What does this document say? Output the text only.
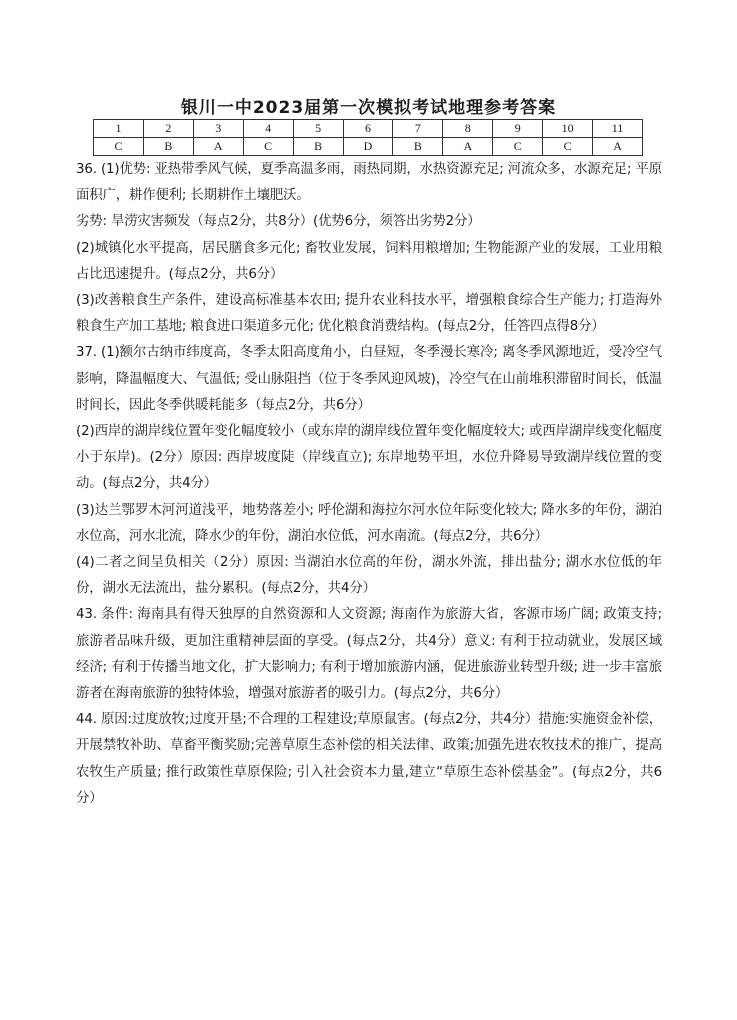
银川一中2023届第一次模拟考试地理参考答案
1	2	3	4	5	6	7	8	9	10	11
C	B	A	C	B	D	B	A	C	C	A

36. (1)优势: 亚热带季风气候，夏季高温多雨，雨热同期，水热资源充足; 河流众多，水源充足; 平原面积广，耕作便利; 长期耕作土壤肥沃。

劣势: 旱涝灾害频发（每点2分，共8分）(优势6分，须答出劣势2分）

(2)城镇化水平提高，居民膳食多元化; 畜牧业发展，饲料用粮增加; 生物能源产业的发展，工业用粮占比迅速提升。(每点2分，共6分）

(3)改善粮食生产条件，建设高标准基本农田; 提升农业科技水平，增强粮食综合生产能力; 打造海外粮食生产加工基地; 粮食进口渠道多元化; 优化粮食消费结构。(每点2分，任答四点得8分）

37. (1)额尔古纳市纬度高，冬季太阳高度角小，白昼短，冬季漫长寒冷; 离冬季风源地近，受冷空气影响，降温幅度大、气温低; 受山脉阻挡（位于冬季风迎风坡)，冷空气在山前堆积滞留时间长，低温时间长，因此冬季供暖耗能多（每点2分，共6分）

(2)西岸的湖岸线位置年变化幅度较小（或东岸的湖岸线位置年变化幅度较大; 或西岸湖岸线变化幅度小于东岸)。(2分）原因: 西岸坡度陡（岸线直立); 东岸地势平坦，水位升降易导致湖岸线位置的变动。(每点2分，共4分）

(3)达兰鄂罗木河河道浅平，地势落差小; 呼伦湖和海拉尔河水位年际变化较大; 降水多的年份，湖泊水位高，河水北流，降水少的年份，湖泊水位低，河水南流。(每点2分，共6分）

(4)二者之间呈负相关（2分）原因: 当湖泊水位高的年份，湖水外流，排出盐分; 湖水水位低的年份，湖水无法流出，盐分累积。(每点2分，共4分）

43. 条件: 海南具有得天独厚的自然资源和人文资源; 海南作为旅游大省，客源市场广阔; 政策支持; 旅游者品味升级，更加注重精神层面的享受。(每点2分，共4分）意义: 有利于拉动就业，发展区域经济; 有利于传播当地文化，扩大影响力; 有利于增加旅游内涵，促进旅游业转型升级; 进一步丰富旅游者在海南旅游的独特体验，增强对旅游者的吸引力。(每点2分，共6分）

44. 原因:过度放牧;过度开垦;不合理的工程建设;草原鼠害。(每点2分，共4分）措施:实施资金补偿，开展禁牧补助、草畜平衡奖励;完善草原生态补偿的相关法律、政策;加强先进农牧技术的推广，提高农牧生产质量; 推行政策性草原保险; 引入社会资本力量,建立“草原生态补偿基金”。(每点2分，共6分）
